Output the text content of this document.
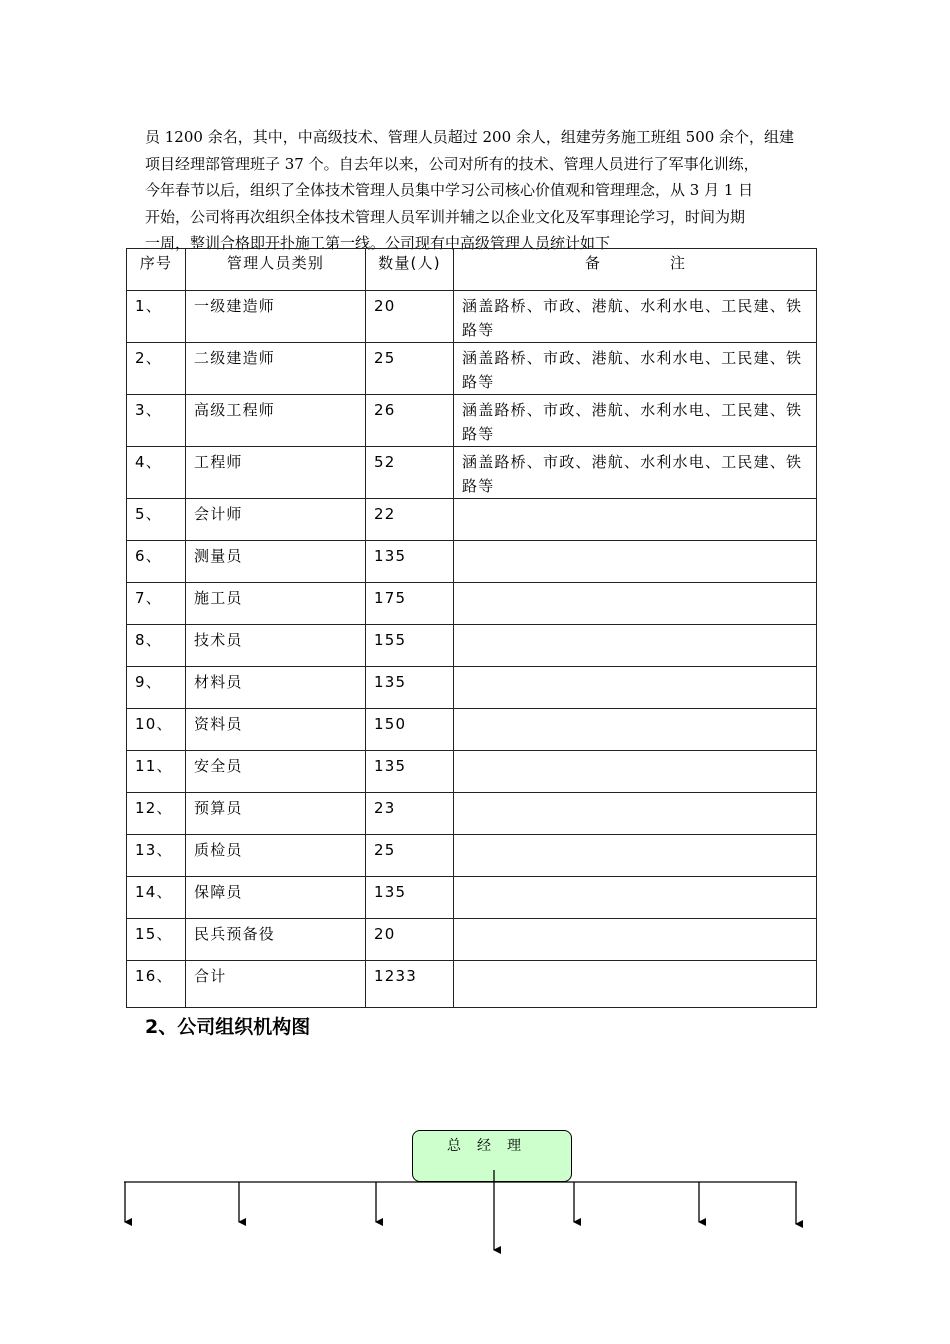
员 1200 余名，其中，中高级技术、管理人员超过 200 余人，组建劳务施工班组 500 余个，组建

项目经理部管理班子 37 个。自去年以来，公司对所有的技术、管理人员进行了军事化训练，

今年春节以后，组织了全体技术管理人员集中学习公司核心价值观和管理理念，从 3 月 1 日

开始，公司将再次组织全体技术管理人员军训并辅之以企业文化及军事理论学习，时间为期

一周，整训合格即开扑施工第一线。公司现有中高级管理人员统计如下

序号	管理人员类别	数量(人)	备 注
1、	一级建造师	20	涵盖路桥、市政、港航、水利水电、工民建、铁路等
2、	二级建造师	25	涵盖路桥、市政、港航、水利水电、工民建、铁路等
3、	高级工程师	26	涵盖路桥、市政、港航、水利水电、工民建、铁路等
4、	工程师	52	涵盖路桥、市政、港航、水利水电、工民建、铁路等
5、	会计师	22	
6、	测量员	135	
7、	施工员	175	
8、	技术员	155	
9、	材料员	135	
10、	资料员	150	
11、	安全员	135	
12、	预算员	23	
13、	质检员	25	
14、	保障员	135	
15、	民兵预备役	20	
16、	合计	1233	
2、公司组织机构图
总经理
